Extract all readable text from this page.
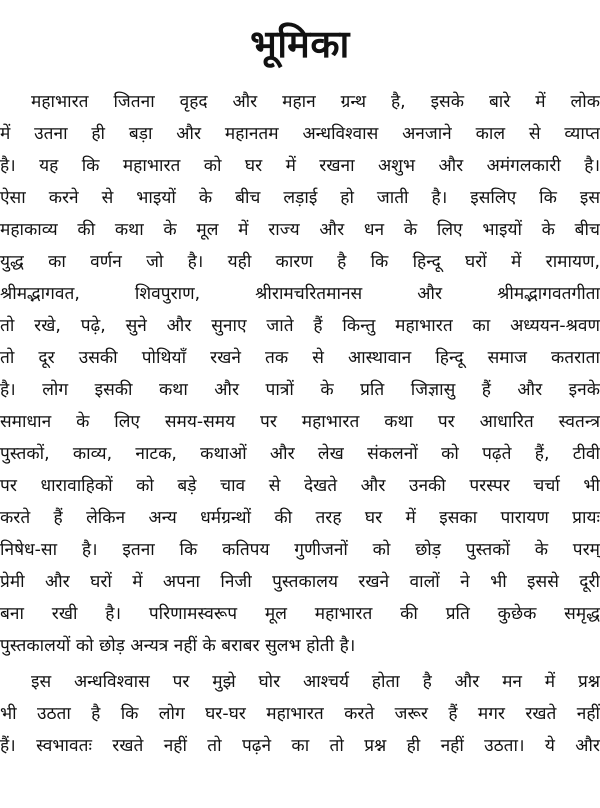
भूमिका
महाभारत जितना वृहद और महान ग्रन्थ है, इसके बारे में लोक
में उतना ही बड़ा और महानतम अन्धविश्वास अनजाने काल से व्याप्त
है। यह कि महाभारत को घर में रखना अशुभ और अमंगलकारी है।
ऐसा करने से भाइयों के बीच लड़ाई हो जाती है। इसलिए कि इस
महाकाव्य की कथा के मूल में राज्य और धन के लिए भाइयों के बीच
युद्ध का वर्णन जो है। यही कारण है कि हिन्दू घरों में रामायण,
श्रीमद्भागवत, शिवपुराण, श्रीरामचरितमानस और श्रीमद्भागवतगीता
तो रखे, पढ़े, सुने और सुनाए जाते हैं किन्तु महाभारत का अध्ययन-श्रवण
तो दूर उसकी पोथियाँ रखने तक से आस्थावान हिन्दू समाज कतराता
है। लोग इसकी कथा और पात्रों के प्रति जिज्ञासु हैं और इनके
समाधान के लिए समय-समय पर महाभारत कथा पर आधारित स्वतन्त्र
पुस्तकों, काव्य, नाटक, कथाओं और लेख संकलनों को पढ़ते हैं, टीवी
पर धारावाहिकों को बड़े चाव से देखते और उनकी परस्पर चर्चा भी
करते हैं लेकिन अन्य धर्मग्रन्थों की तरह घर में इसका पारायण प्रायः
निषेध-सा है। इतना कि कतिपय गुणीजनों को छोड़ पुस्तकों के परम्
प्रेमी और घरों में अपना निजी पुस्तकालय रखने वालों ने भी इससे दूरी
बना रखी है। परिणामस्वरूप मूल महाभारत की प्रति कुछेक समृद्ध
पुस्तकालयों को छोड़ अन्यत्र नहीं के बराबर सुलभ होती है।
इस अन्धविश्वास पर मुझे घोर आश्चर्य होता है और मन में प्रश्न
भी उठता है कि लोग घर-घर महाभारत करते जरूर हैं मगर रखते नहीं
हैं। स्वभावतः रखते नहीं तो पढ़ने का तो प्रश्न ही नहीं उठता। ये और
